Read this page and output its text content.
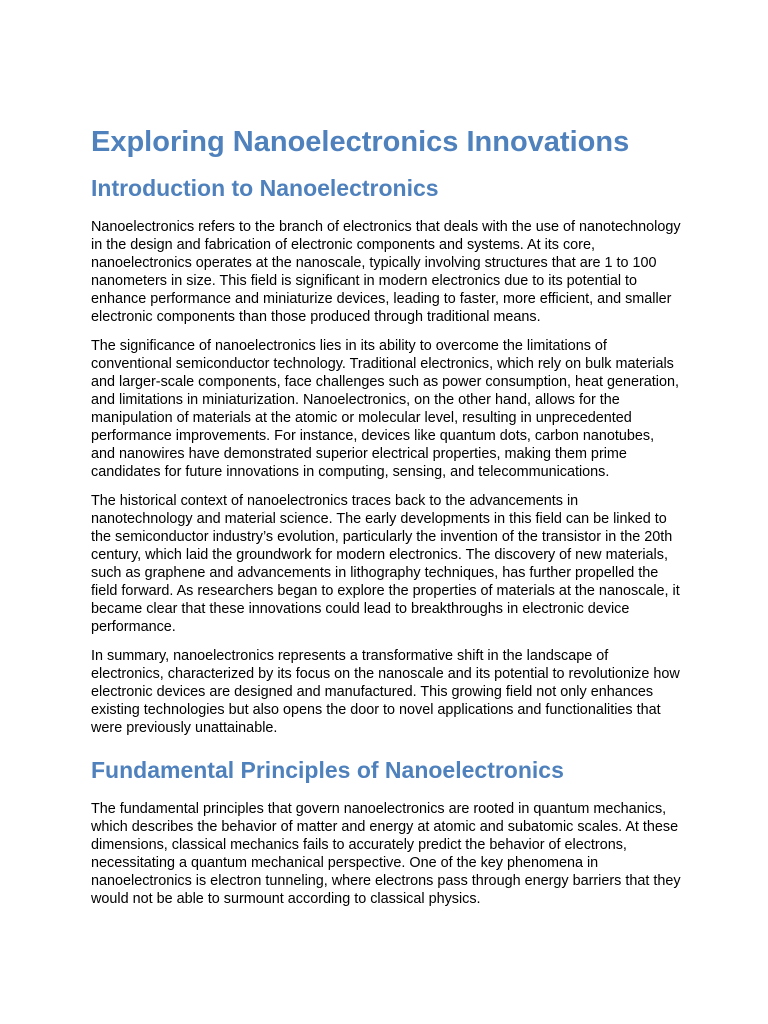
Exploring Nanoelectronics Innovations
Introduction to Nanoelectronics

Nanoelectronics refers to the branch of electronics that deals with the use of nanotechnology in the design and fabrication of electronic components and systems. At its core, nanoelectronics operates at the nanoscale, typically involving structures that are 1 to 100 nanometers in size. This field is significant in modern electronics due to its potential to enhance performance and miniaturize devices, leading to faster, more efficient, and smaller electronic components than those produced through traditional means.

The significance of nanoelectronics lies in its ability to overcome the limitations of conventional semiconductor technology. Traditional electronics, which rely on bulk materials and larger-scale components, face challenges such as power consumption, heat generation, and limitations in miniaturization. Nanoelectronics, on the other hand, allows for the manipulation of materials at the atomic or molecular level, resulting in unprecedented performance improvements. For instance, devices like quantum dots, carbon nanotubes, and nanowires have demonstrated superior electrical properties, making them prime candidates for future innovations in computing, sensing, and telecommunications.

The historical context of nanoelectronics traces back to the advancements in nanotechnology and material science. The early developments in this field can be linked to the semiconductor industry’s evolution, particularly the invention of the transistor in the 20th century, which laid the groundwork for modern electronics. The discovery of new materials, such as graphene and advancements in lithography techniques, has further propelled the field forward. As researchers began to explore the properties of materials at the nanoscale, it became clear that these innovations could lead to breakthroughs in electronic device performance.

In summary, nanoelectronics represents a transformative shift in the landscape of electronics, characterized by its focus on the nanoscale and its potential to revolutionize how electronic devices are designed and manufactured. This growing field not only enhances existing technologies but also opens the door to novel applications and functionalities that were previously unattainable.

Fundamental Principles of Nanoelectronics

The fundamental principles that govern nanoelectronics are rooted in quantum mechanics, which describes the behavior of matter and energy at atomic and subatomic scales. At these dimensions, classical mechanics fails to accurately predict the behavior of electrons, necessitating a quantum mechanical perspective. One of the key phenomena in nanoelectronics is electron tunneling, where electrons pass through energy barriers that they would not be able to surmount according to classical physics.
